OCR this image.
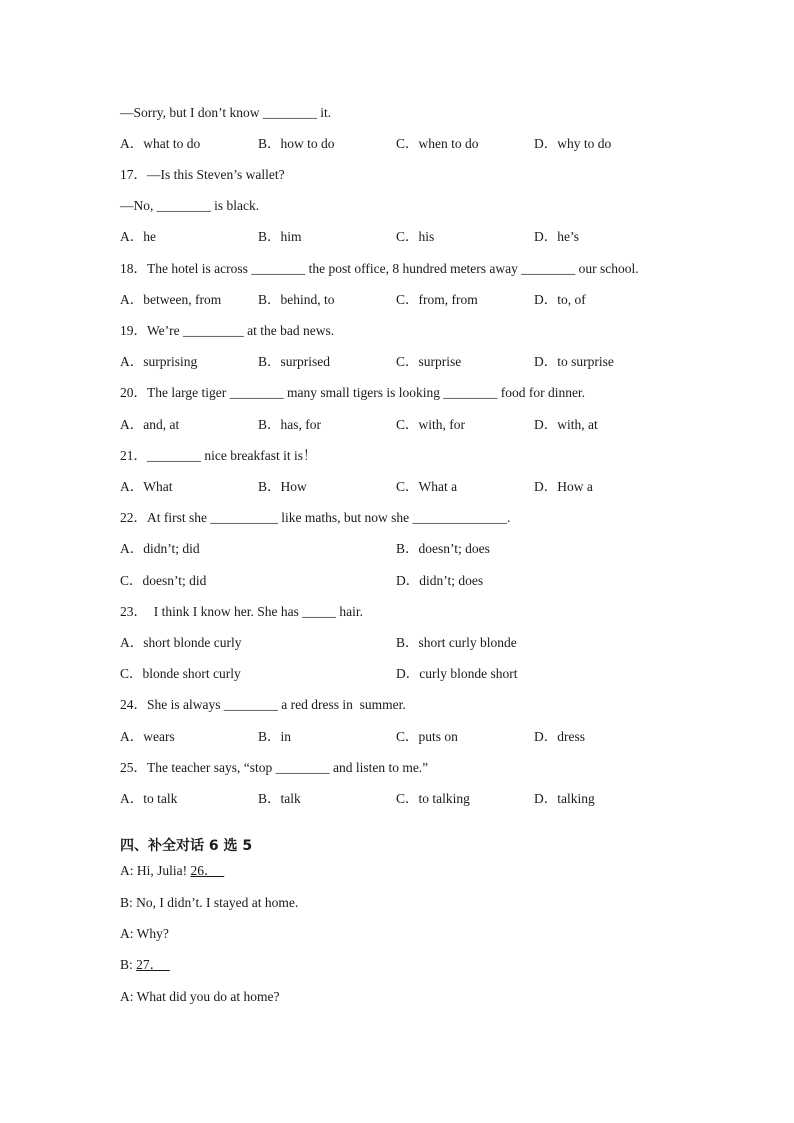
—Sorry, but I don’t know ________ it.
A．what to do	B．how to do	C．when to do	D．why to do
17．—Is this Steven’s wallet?
—No, ________ is black.
A．he	B．him	C．his	D．he’s
18．The hotel is across ________ the post office, 8 hundred meters away ________ our school.
A．between, from	B．behind, to	C．from, from	D．to, of
19．We’re _________ at the bad news.
A．surprising	B．surprised	C．surprise	D．to surprise
20．The large tiger ________ many small tigers is looking ________ food for dinner.
A．and, at	B．has, for	C．with, for	D．with, at
21．________ nice breakfast it is！
A．What	B．How	C．What a	D．How a
22．At first she __________ like maths, but now she ______________.
A．didn’t; did	B．doesn’t; does
C．doesn’t; did	D．didn’t; does
23．  I think I know her. She has _____ hair.
A．short blonde curly	B．short curly blonde
C．blonde short curly	D．curly blonde short
24．She is always ________ a red dress in  summer.
A．wears	B．in	C．puts on	D．dress
25．The teacher says, “stop ________ and listen to me.”
A．to talk	B．talk	C．to talking	D．talking
四、补全对话 6 选 5
A: Hi, Julia! 26．
B: No, I didn’t. I stayed at home.
A: Why?
B: 27．
A: What did you do at home?
